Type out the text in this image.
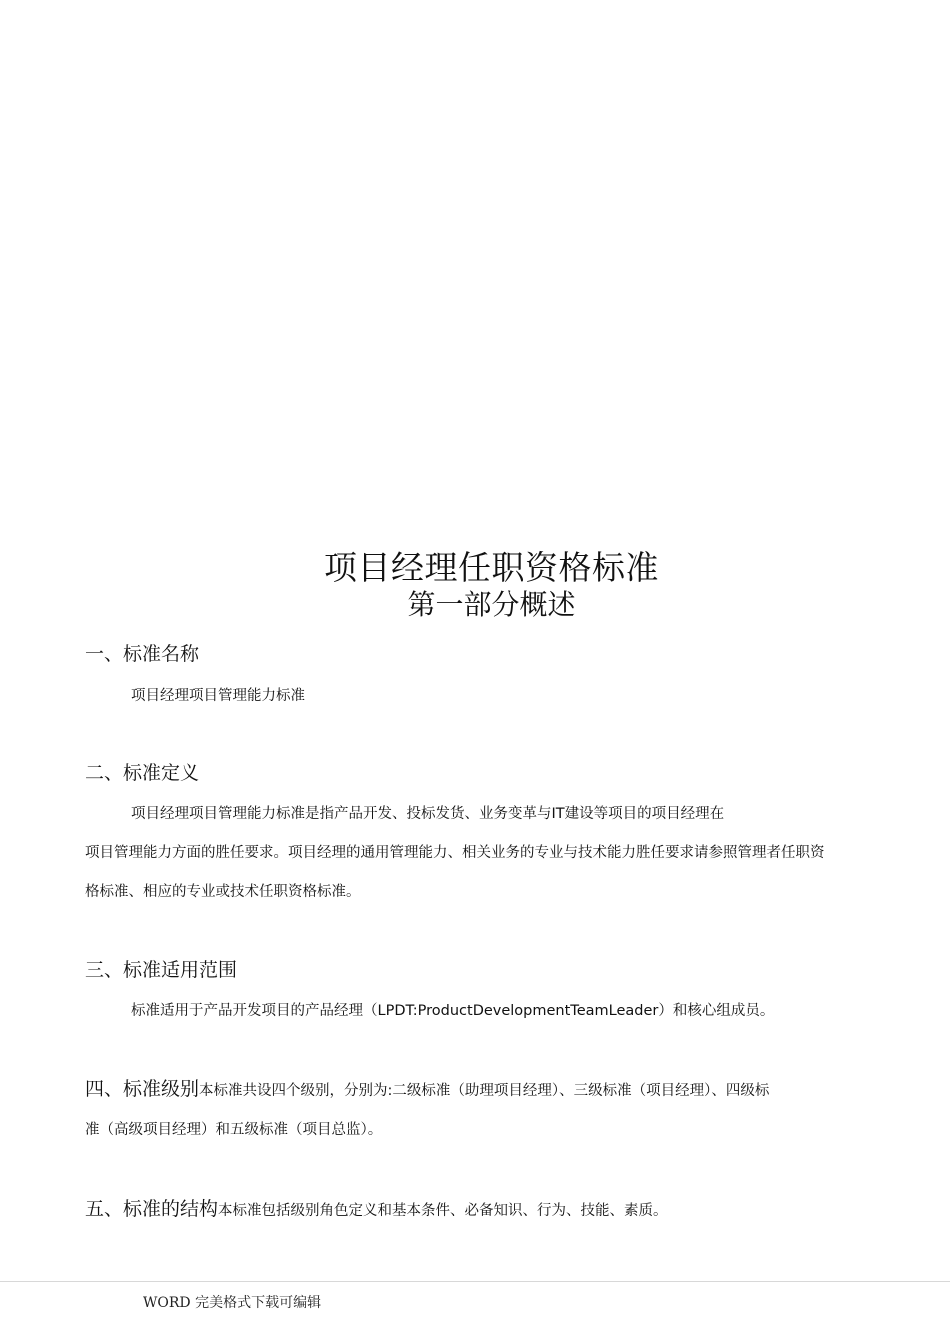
项目经理任职资格标准
第一部分概述
一、标准名称
项目经理项目管理能力标准
二、标准定义
项目经理项目管理能力标准是指产品开发、投标发货、业务变革与IT建设等项目的项目经理在
项目管理能力方面的胜任要求。项目经理的通用管理能力、相关业务的专业与技术能力胜任要求请参照管理者任职资
格标准、相应的专业或技术任职资格标准。
三、标准适用范围
标准适用于产品开发项目的产品经理（LPDT:ProductDevelopmentTeamLeader）和核心组成员。
四、标准级别本标准共设四个级别，分别为:二级标准（助理项目经理）、三级标准（项目经理）、四级标
准（高级项目经理）和五级标准（项目总监）。
五、标准的结构本标准包括级别角色定义和基本条件、必备知识、行为、技能、素质。
WORD 完美格式下载可编辑
